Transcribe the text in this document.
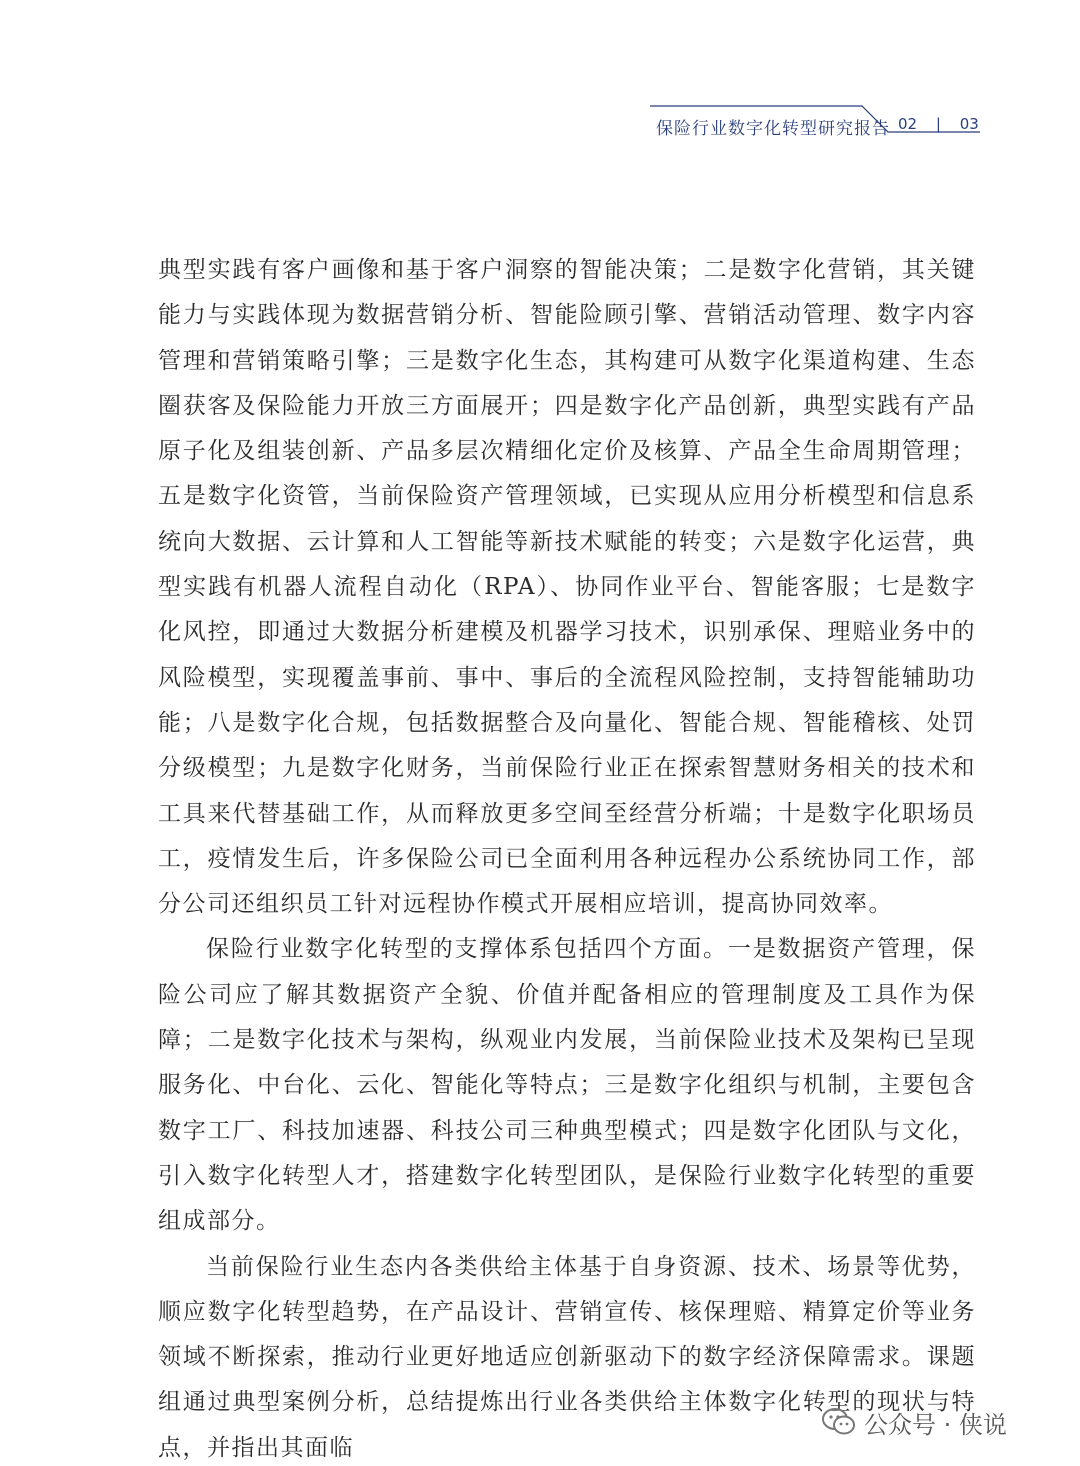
保险行业数字化转型研究报告 02 | 03

典型实践有客户画像和基于客户洞察的智能决策；二是数字化营销，其关键能力与实践体现为数据营销分析、智能险顾引擎、营销活动管理、数字内容管理和营销策略引擎；三是数字化生态，其构建可从数字化渠道构建、生态圈获客及保险能力开放三方面展开；四是数字化产品创新，典型实践有产品原子化及组装创新、产品多层次精细化定价及核算、产品全生命周期管理；五是数字化资管，当前保险资产管理领域，已实现从应用分析模型和信息系统向大数据、云计算和人工智能等新技术赋能的转变；六是数字化运营，典型实践有机器人流程自动化（RPA）、协同作业平台、智能客服；七是数字化风控，即通过大数据分析建模及机器学习技术，识别承保、理赔业务中的风险模型，实现覆盖事前、事中、事后的全流程风险控制，支持智能辅助功能；八是数字化合规，包括数据整合及向量化、智能合规、智能稽核、处罚分级模型；九是数字化财务，当前保险行业正在探索智慧财务相关的技术和工具来代替基础工作，从而释放更多空间至经营分析端；十是数字化职场员工，疫情发生后，许多保险公司已全面利用各种远程办公系统协同工作，部分公司还组织员工针对远程协作模式开展相应培训，提高协同效率。

保险行业数字化转型的支撑体系包括四个方面。一是数据资产管理，保险公司应了解其数据资产全貌、价值并配备相应的管理制度及工具作为保障；二是数字化技术与架构，纵观业内发展，当前保险业技术及架构已呈现服务化、中台化、云化、智能化等特点；三是数字化组织与机制，主要包含数字工厂、科技加速器、科技公司三种典型模式；四是数字化团队与文化，引入数字化转型人才，搭建数字化转型团队，是保险行业数字化转型的重要组成部分。

当前保险行业生态内各类供给主体基于自身资源、技术、场景等优势，顺应数字化转型趋势，在产品设计、营销宣传、核保理赔、精算定价等业务领域不断探索，推动行业更好地适应创新驱动下的数字经济保障需求。课题组通过典型案例分析，总结提炼出行业各类供给主体数字化转型的现状与特点，并指出其面临

公众号 · 侠说
